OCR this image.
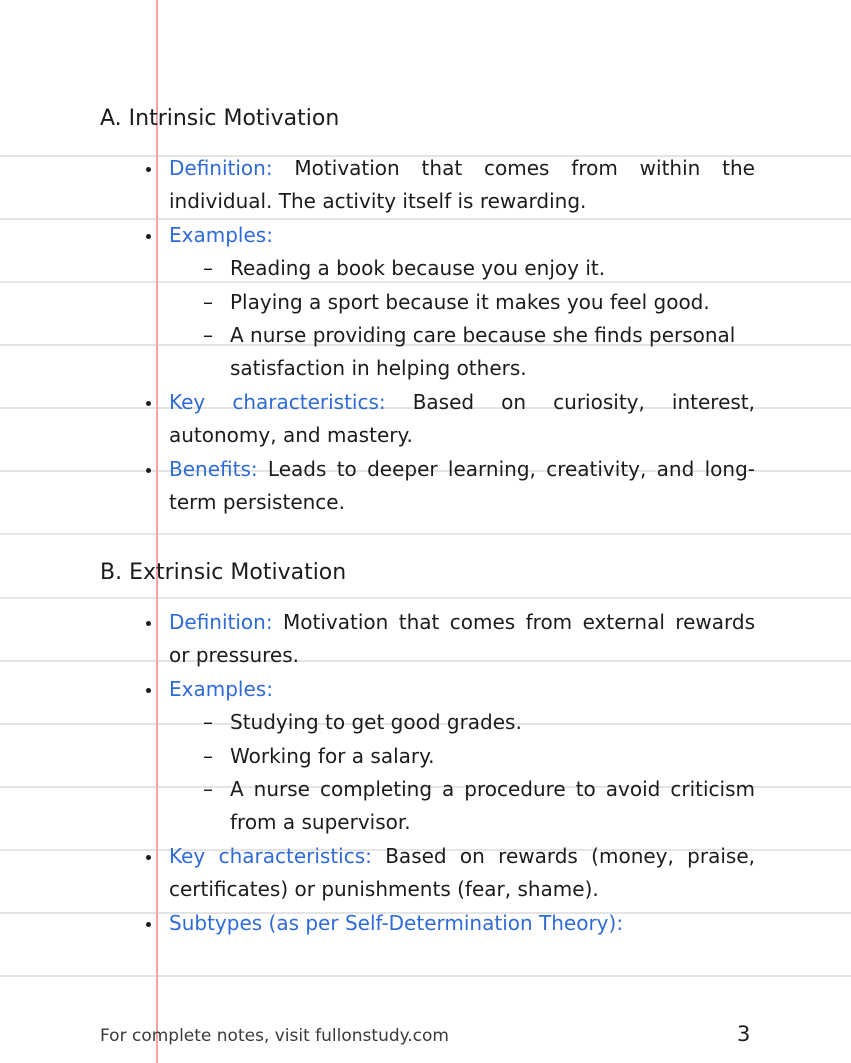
A. Intrinsic Motivation
Definition: Motivation that comes from within the individual. The activity itself is rewarding.
Examples:
– Reading a book because you enjoy it.
– Playing a sport because it makes you feel good.
– A nurse providing care because she finds personal satisfaction in helping others.
Key characteristics: Based on curiosity, interest, autonomy, and mastery.
Benefits: Leads to deeper learning, creativity, and long-term persistence.
B. Extrinsic Motivation
Definition: Motivation that comes from external rewards or pressures.
Examples:
– Studying to get good grades.
– Working for a salary.
– A nurse completing a procedure to avoid criticism from a supervisor.
Key characteristics: Based on rewards (money, praise, certificates) or punishments (fear, shame).
Subtypes (as per Self-Determination Theory):
For complete notes, visit fullonstudy.com	3
